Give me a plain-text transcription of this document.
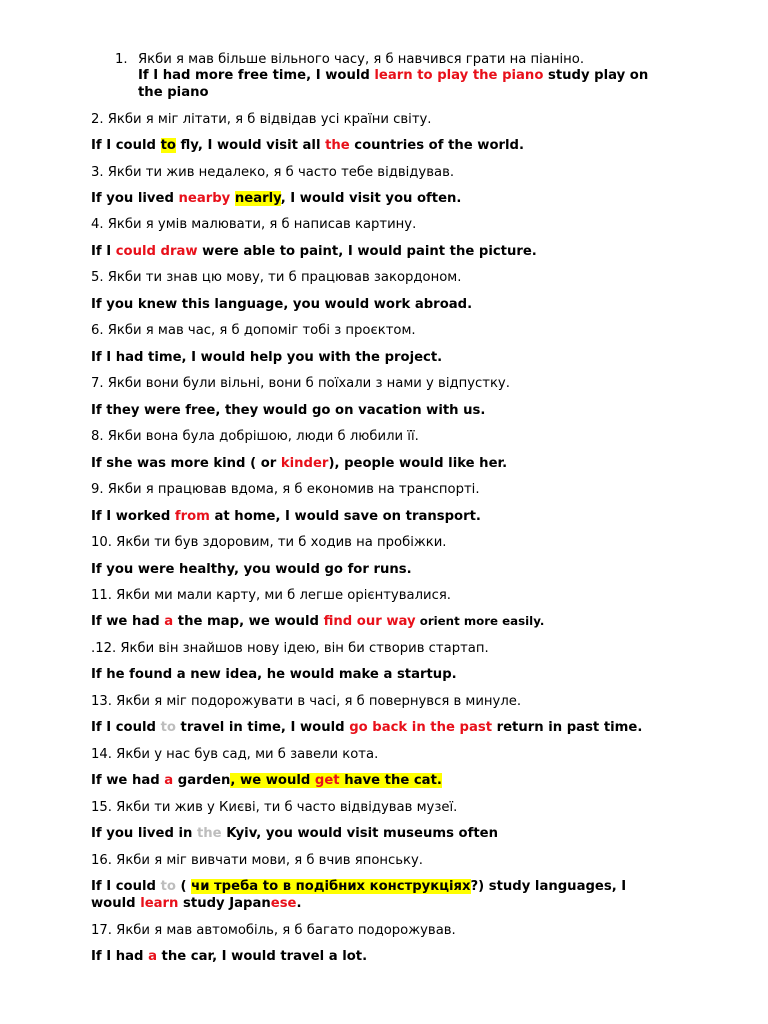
1. Якби я мав більше вільного часу, я б навчився грати на піаніно.
If I had more free time, I would learn to play the piano study play on
the piano
2. Якби я міг літати, я б відвідав усі країни світу.
If I could to fly, I would visit all the countries of the world.
3. Якби ти жив недалеко, я б часто тебе відвідував.
If you lived nearby nearly, I would visit you often.
4. Якби я умів малювати, я б написав картину.
If I could draw were able to paint, I would paint the picture.
5. Якби ти знав цю мову, ти б працював закордоном.
If you knew this language, you would work abroad.
6. Якби я мав час, я б допоміг тобі з проєктом.
If I had time, I would help you with the project.
7. Якби вони були вільні, вони б поїхали з нами у відпустку.
If they were free, they would go on vacation with us.
8. Якби вона була добрішою, люди б любили її.
If she was more kind ( or kinder), people would like her.
9. Якби я працював вдома, я б економив на транспорті.
If I worked from at home, I would save on transport.
10. Якби ти був здоровим, ти б ходив на пробіжки.
If you were healthy, you would go for runs.
11. Якби ми мали карту, ми б легше орієнтувалися.
If we had a the map, we would find our way orient more easily.
.12. Якби він знайшов нову ідею, він би створив стартап.
If he found a new idea, he would make a startup.
13. Якби я міг подорожувати в часі, я б повернувся в минуле.
If I could to travel in time, I would go back in the past return in past time.
14. Якби у нас був сад, ми б завели кота.
If we had a garden, we would get have the cat.
15. Якби ти жив у Києві, ти б часто відвідував музеї.
If you lived in the Kyiv, you would visit museums often
16. Якби я міг вивчати мови, я б вчив японську.
If I could to ( чи треба to в подібних конструкціях?) study languages, I
would learn study Japanese.
17. Якби я мав автомобіль, я б багато подорожував.
If I had a the car, I would travel a lot.
